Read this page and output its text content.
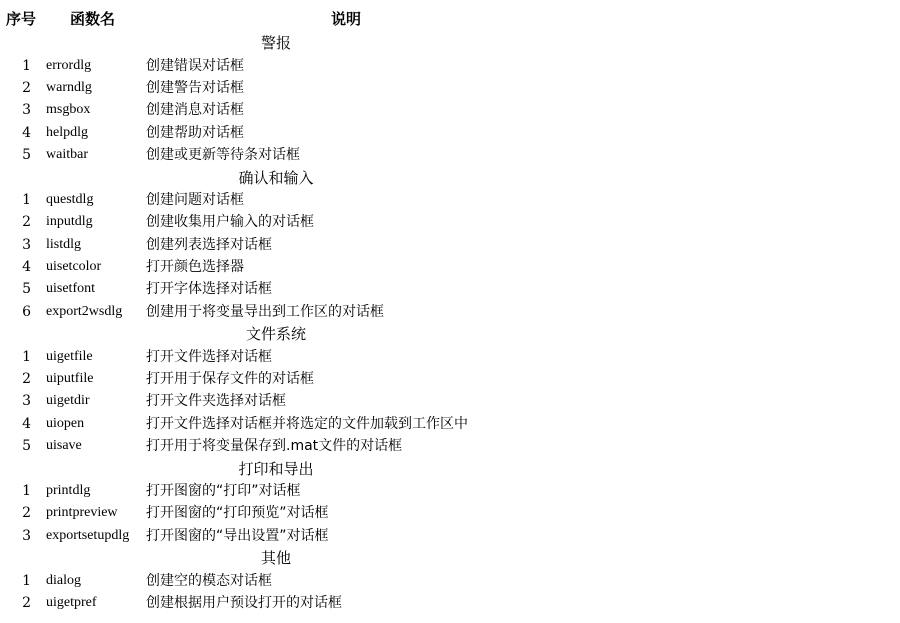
序号	函数名	说明
警报		
1	errordlg	创建错误对话框
2	warndlg	创建警告对话框
3	msgbox	创建消息对话框
4	helpdlg	创建帮助对话框
5	waitbar	创建或更新等待条对话框
确认和输入		
1	questdlg	创建问题对话框
2	inputdlg	创建收集用户输入的对话框
3	listdlg	创建列表选择对话框
4	uisetcolor	打开颜色选择器
5	uisetfont	打开字体选择对话框
6	export2wsdlg	创建用于将变量导出到工作区的对话框
文件系统		
1	uigetfile	打开文件选择对话框
2	uiputfile	打开用于保存文件的对话框
3	uigetdir	打开文件夹选择对话框
4	uiopen	打开文件选择对话框并将选定的文件加载到工作区中
5	uisave	打开用于将变量保存到.mat文件的对话框
打印和导出		
1	printdlg	打开图窗的“打印”对话框
2	printpreview	打开图窗的“打印预览”对话框
3	exportsetupdlg	打开图窗的“导出设置”对话框
其他		
1	dialog	创建空的模态对话框
2	uigetpref	创建根据用户预设打开的对话框
